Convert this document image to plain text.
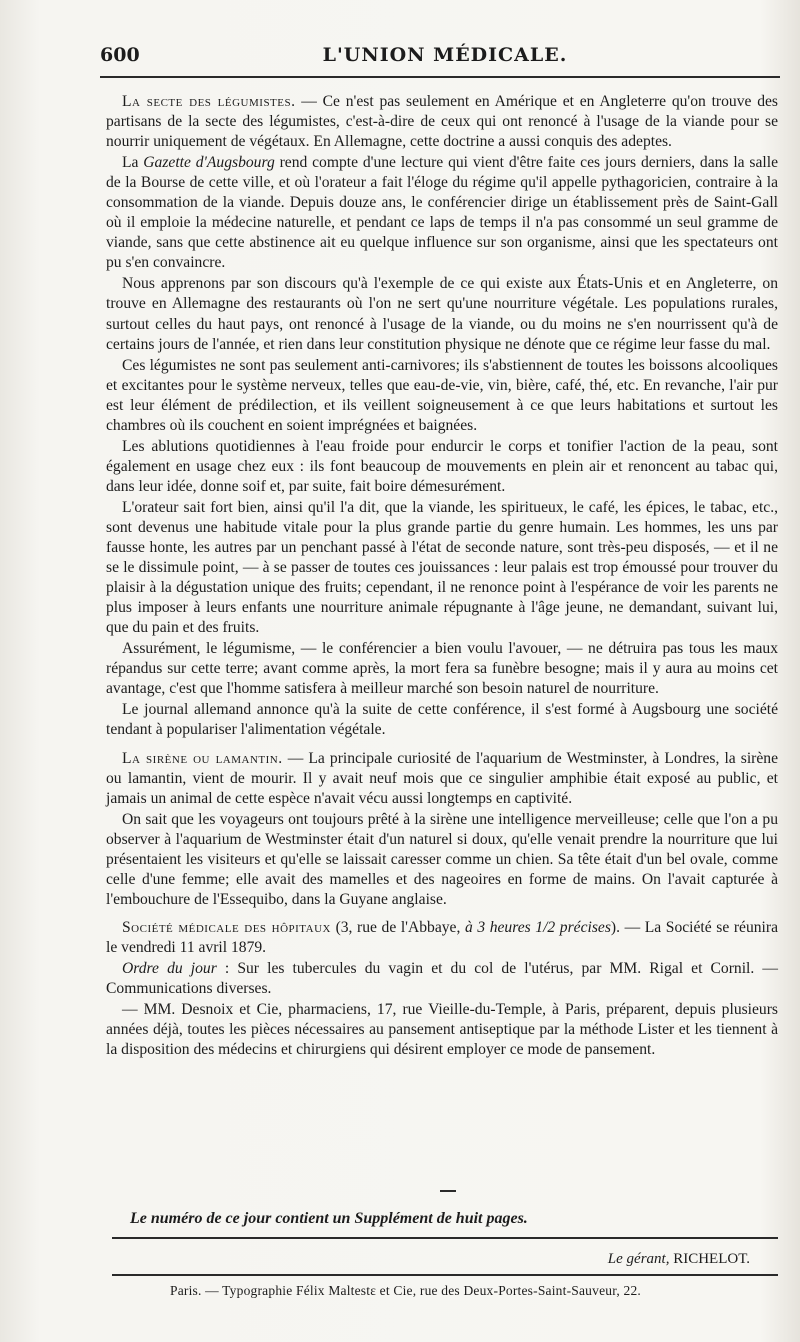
600	L'UNION MÉDICALE.

La secte des légumistes. — Ce n'est pas seulement en Amérique et en Angleterre qu'on trouve des partisans de la secte des légumistes, c'est-à-dire de ceux qui ont renoncé à l'usage de la viande pour se nourrir uniquement de végétaux. En Allemagne, cette doctrine a aussi conquis des adeptes.

La Gazette d'Augsbourg rend compte d'une lecture qui vient d'être faite ces jours derniers, dans la salle de la Bourse de cette ville, et où l'orateur a fait l'éloge du régime qu'il appelle pythagoricien, contraire à la consommation de la viande. Depuis douze ans, le conférencier dirige un établissement près de Saint-Gall où il emploie la médecine naturelle, et pendant ce laps de temps il n'a pas consommé un seul gramme de viande, sans que cette abstinence ait eu quelque influence sur son organisme, ainsi que les spectateurs ont pu s'en convaincre.

Nous apprenons par son discours qu'à l'exemple de ce qui existe aux États-Unis et en Angleterre, on trouve en Allemagne des restaurants où l'on ne sert qu'une nourriture végétale. Les populations rurales, surtout celles du haut pays, ont renoncé à l'usage de la viande, ou du moins ne s'en nourrissent qu'à de certains jours de l'année, et rien dans leur constitution physique ne dénote que ce régime leur fasse du mal.

Ces légumistes ne sont pas seulement anti-carnivores; ils s'abstiennent de toutes les boissons alcooliques et excitantes pour le système nerveux, telles que eau-de-vie, vin, bière, café, thé, etc. En revanche, l'air pur est leur élément de prédilection, et ils veillent soigneusement à ce que leurs habitations et surtout les chambres où ils couchent en soient imprégnées et baignées.

Les ablutions quotidiennes à l'eau froide pour endurcir le corps et tonifier l'action de la peau, sont également en usage chez eux : ils font beaucoup de mouvements en plein air et renoncent au tabac qui, dans leur idée, donne soif et, par suite, fait boire démesurément.

L'orateur sait fort bien, ainsi qu'il l'a dit, que la viande, les spiritueux, le café, les épices, le tabac, etc., sont devenus une habitude vitale pour la plus grande partie du genre humain. Les hommes, les uns par fausse honte, les autres par un penchant passé à l'état de seconde nature, sont très-peu disposés, — et il ne se le dissimule point, — à se passer de toutes ces jouissances : leur palais est trop émoussé pour trouver du plaisir à la dégustation unique des fruits; cependant, il ne renonce point à l'espérance de voir les parents ne plus imposer à leurs enfants une nourriture animale répugnante à l'âge jeune, ne demandant, suivant lui, que du pain et des fruits.

Assurément, le légumisme, — le conférencier a bien voulu l'avouer, — ne détruira pas tous les maux répandus sur cette terre; avant comme après, la mort fera sa funèbre besogne; mais il y aura au moins cet avantage, c'est que l'homme satisfera à meilleur marché son besoin naturel de nourriture.

Le journal allemand annonce qu'à la suite de cette conférence, il s'est formé à Augsbourg une société tendant à populariser l'alimentation végétale.

La sirène ou lamantin. — La principale curiosité de l'aquarium de Westminster, à Londres, la sirène ou lamantin, vient de mourir. Il y avait neuf mois que ce singulier amphibie était exposé au public, et jamais un animal de cette espèce n'avait vécu aussi longtemps en captivité.

On sait que les voyageurs ont toujours prêté à la sirène une intelligence merveilleuse; celle que l'on a pu observer à l'aquarium de Westminster était d'un naturel si doux, qu'elle venait prendre la nourriture que lui présentaient les visiteurs et qu'elle se laissait caresser comme un chien. Sa tête était d'un bel ovale, comme celle d'une femme; elle avait des mamelles et des nageoires en forme de mains. On l'avait capturée à l'embouchure de l'Essequibo, dans la Guyane anglaise.

Société médicale des hôpitaux (3, rue de l'Abbaye, à 3 heures 1/2 précises). — La Société se réunira le vendredi 11 avril 1879.

Ordre du jour : Sur les tubercules du vagin et du col de l'utérus, par MM. Rigal et Cornil. — Communications diverses.

— MM. Desnoix et Cie, pharmaciens, 17, rue Vieille-du-Temple, à Paris, préparent, depuis plusieurs années déjà, toutes les pièces nécessaires au pansement antiseptique par la méthode Lister et les tiennent à la disposition des médecins et chirurgiens qui désirent employer ce mode de pansement.

Le numéro de ce jour contient un Supplément de huit pages.
Le gérant, RICHELOT.
Paris. — Typographie Félix Maltestε et Cie, rue des Deux-Portes-Saint-Sauveur, 22.
